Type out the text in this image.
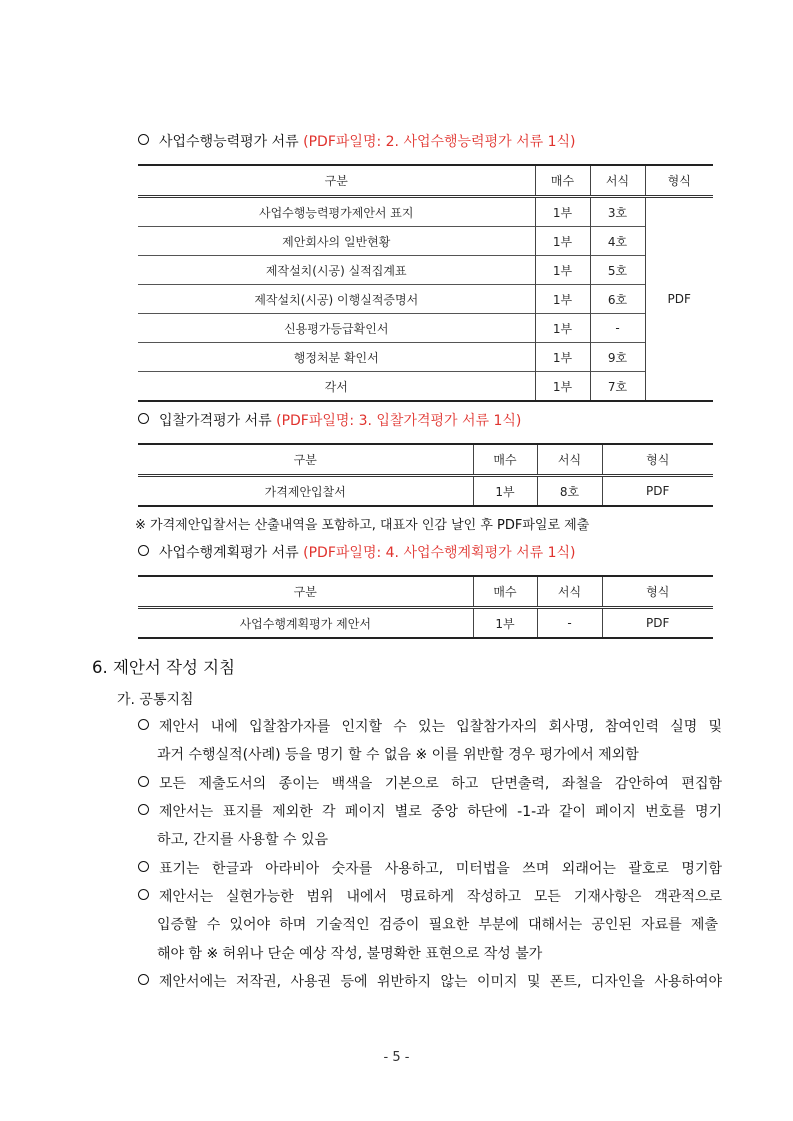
사업수행능력평가 서류 (PDF파일명: 2. 사업수행능력평가 서류 1식)
구분	매수	서식	형식
사업수행능력평가제안서 표지	1부	3호	PDF
제안회사의 일반현황	1부	4호	
제작설치(시공) 실적집계표	1부	5호	
제작설치(시공) 이행실적증명서	1부	6호	
신용평가등급확인서	1부	-	
행정처분 확인서	1부	9호	
각서	1부	7호	
입찰가격평가 서류 (PDF파일명: 3. 입찰가격평가 서류 1식)
구분	매수	서식	형식
가격제안입찰서	1부	8호	PDF
※ 가격제안입찰서는 산출내역을 포함하고, 대표자 인감 날인 후 PDF파일로 제출
사업수행계획평가 서류 (PDF파일명: 4. 사업수행계획평가 서류 1식)
구분	매수	서식	형식
사업수행계획평가 제안서	1부	-	PDF
6. 제안서 작성 지침
가. 공통지침
제안서 내에 입찰참가자를 인지할 수 있는 입찰참가자의 회사명, 참여인력 실명 및
과거 수행실적(사례) 등을 명기 할 수 없음 ※ 이를 위반할 경우 평가에서 제외함
모든 제출도서의 종이는 백색을 기본으로 하고 단면출력, 좌철을 감안하여 편집함
제안서는 표지를 제외한 각 페이지 별로 중앙 하단에 -1-과 같이 페이지 번호를 명기
하고, 간지를 사용할 수 있음
표기는 한글과 아라비아 숫자를 사용하고, 미터법을 쓰며 외래어는 괄호로 명기함
제안서는 실현가능한 범위 내에서 명료하게 작성하고 모든 기재사항은 객관적으로
입증할 수 있어야 하며 기술적인 검증이 필요한 부분에 대해서는 공인된 자료를 제출
해야 함 ※ 허위나 단순 예상 작성, 불명확한 표현으로 작성 불가
제안서에는 저작권, 사용권 등에 위반하지 않는 이미지 및 폰트, 디자인을 사용하여야
- 5 -
